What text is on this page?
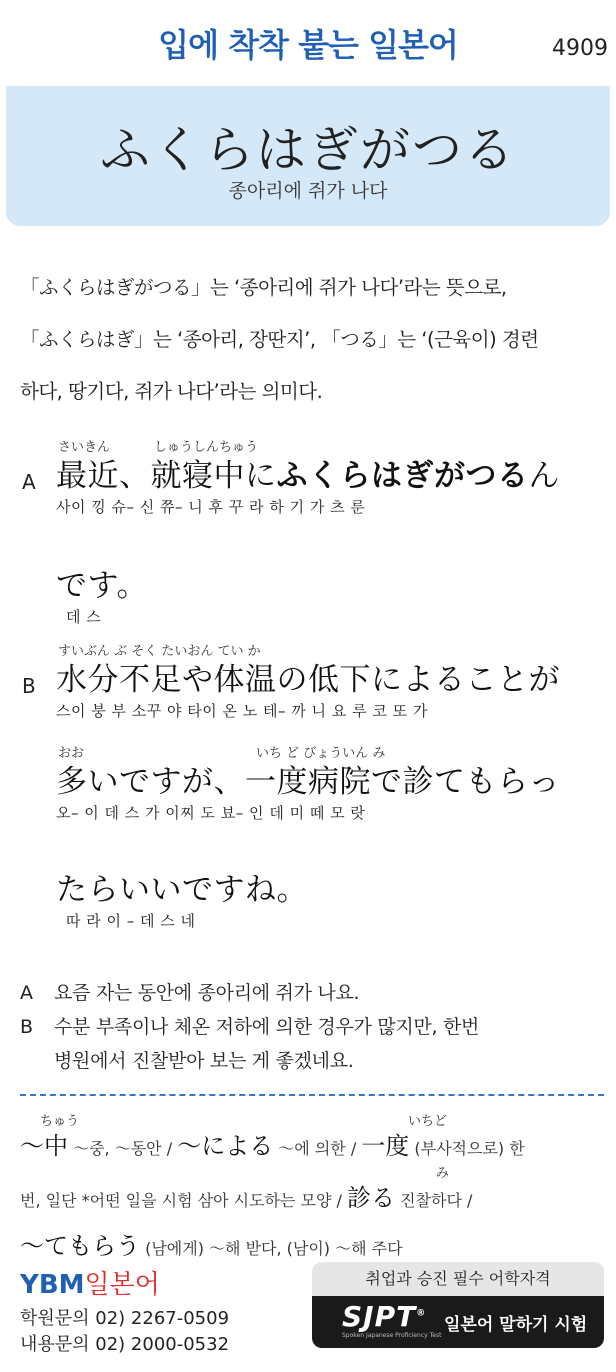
입에 착착 붙는 일본어	4909
ふくらはぎがつる
종아리에 쥐가 나다
「ふくらはぎがつる」는 ‘종아리에 쥐가 나다’라는 뜻으로,
「ふくらはぎ」는 ‘종아리, 장딴지’, 「つる」는 ‘(근육이) 경련
하다, 땅기다, 쥐가 나다’라는 의미다.
A
さいきん	しゅうしんちゅう
最近、就寝中にふくらはぎがつるん
사이 낑 슈– 신 쮸– 니 후 꾸 라 하 기 가 츠 룬
です。
데 스
B
すいぶん ぶ そく たいおん てい か
水分不足や体温の低下によることが
스이 붕 부 소꾸 야 타이 온 노 테– 까 니 요 루 코 또 가
おお	いち ど びょういん み
多いですが、一度病院で診てもらっ
오– 이 데 스 가 이찌 도 뵤– 인 데 미 떼 모 랏
たらいいですね。
따 라 이 – 데 스 네
A 요즘 자는 동안에 종아리에 쥐가 나요.
B 수분 부족이나 체온 저하에 의한 경우가 많지만, 한번
병원에서 진찰받아 보는 게 좋겠네요.
ちゅう	いちど
～中 ～중, ～동안 / ～による ～에 의한 / 一度 (부사적으로) 한
み
번, 일단 *어떤 일을 시험 삼아 시도하는 모양 / 診る 진찰하다 /
～てもらう (남에게) ～해 받다, (남이) ～해 주다
YBM일본어
학원문의 02) 2267-0509
내용문의 02) 2000-0532
취업과 승진 필수 어학자격
SJPT®
Spoken Japanese Proficiency Test
일본어 말하기 시험
